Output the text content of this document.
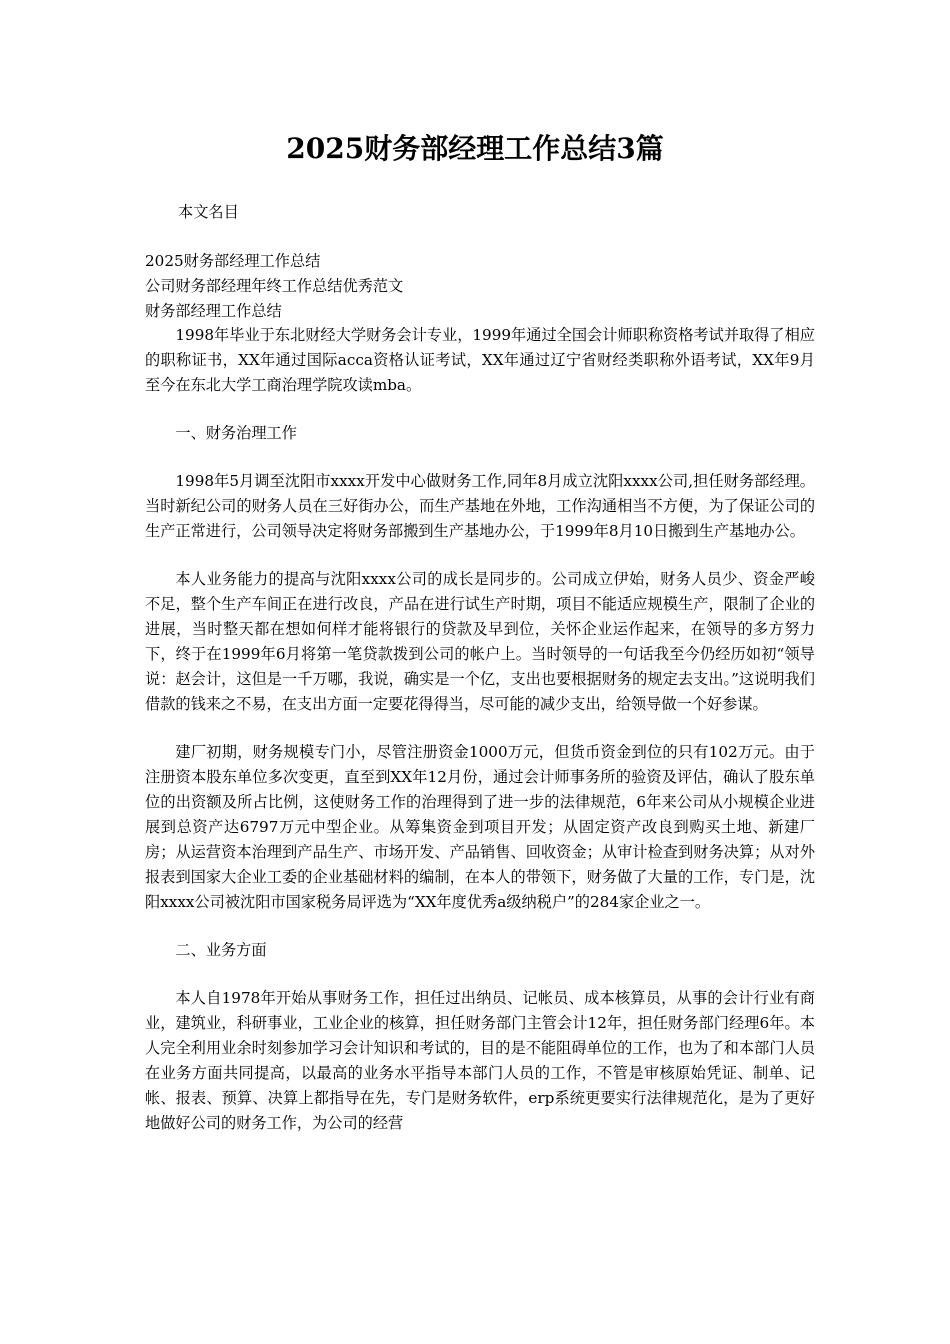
2025财务部经理工作总结3篇
本文名目
2025财务部经理工作总结
公司财务部经理年终工作总结优秀范文
财务部经理工作总结

1998年毕业于东北财经大学财务会计专业，1999年通过全国会计师职称资格考试并取得了相应的职称证书，XX年通过国际acca资格认证考试，XX年通过辽宁省财经类职称外语考试，XX年9月至今在东北大学工商治理学院攻读mba。

一、财务治理工作

1998年5月调至沈阳市xxxx开发中心做财务工作,同年8月成立沈阳xxxx公司,担任财务部经理。当时新纪公司的财务人员在三好街办公，而生产基地在外地，工作沟通相当不方便，为了保证公司的生产正常进行，公司领导决定将财务部搬到生产基地办公，于1999年8月10日搬到生产基地办公。

本人业务能力的提高与沈阳xxxx公司的成长是同步的。公司成立伊始，财务人员少、资金严峻不足，整个生产车间正在进行改良，产品在进行试生产时期，项目不能适应规模生产，限制了企业的进展，当时整天都在想如何样才能将银行的贷款及早到位，关怀企业运作起来，在领导的多方努力下，终于在1999年6月将第一笔贷款拨到公司的帐户上。当时领导的一句话我至今仍经历如初“领导说：赵会计，这但是一千万哪，我说，确实是一个亿，支出也要根据财务的规定去支出。”这说明我们借款的钱来之不易，在支出方面一定要花得得当，尽可能的减少支出，给领导做一个好参谋。

建厂初期，财务规模专门小，尽管注册资金1000万元，但货币资金到位的只有102万元。由于注册资本股东单位多次变更，直至到XX年12月份，通过会计师事务所的验资及评估，确认了股东单位的出资额及所占比例，这使财务工作的治理得到了进一步的法律规范，6年来公司从小规模企业进展到总资产达6797万元中型企业。从筹集资金到项目开发；从固定资产改良到购买土地、新建厂房；从运营资本治理到产品生产、市场开发、产品销售、回收资金；从审计检查到财务决算；从对外报表到国家大企业工委的企业基础材料的编制，在本人的带领下，财务做了大量的工作，专门是，沈阳xxxx公司被沈阳市国家税务局评选为“XX年度优秀a级纳税户”的284家企业之一。

二、业务方面

本人自1978年开始从事财务工作，担任过出纳员、记帐员、成本核算员，从事的会计行业有商业，建筑业，科研事业，工业企业的核算，担任财务部门主管会计12年，担任财务部门经理6年。本人完全利用业余时刻参加学习会计知识和考试的，目的是不能阻碍单位的工作，也为了和本部门人员在业务方面共同提高，以最高的业务水平指导本部门人员的工作，不管是审核原始凭证、制单、记帐、报表、预算、决算上都指导在先，专门是财务软件，erp系统更要实行法律规范化，是为了更好地做好公司的财务工作，为公司的经营
